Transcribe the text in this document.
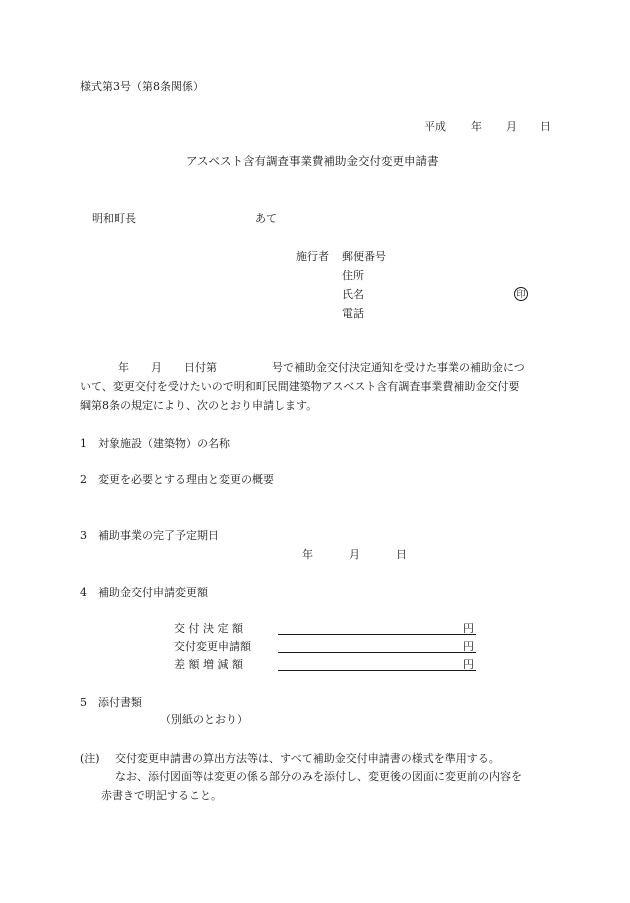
様式第3号（第8条関係）
平成 年 月 日
アスベスト含有調査事業費補助金交付変更申請書
明和町長	あて
施行者 郵便番号
住所
氏名	印
電話
年　　月　　日付第　　　　　号で補助金交付決定通知を受けた事業の補助金につ
いて、変更交付を受けたいので明和町民間建築物アスベスト含有調査事業費補助金交付要
綱第8条の規定により、次のとおり申請します。
1 対象施設（建築物）の名称
2 変更を必要とする理由と変更の概要
3 補助事業の完了予定期日
年	月	日
4 補助金交付申請変更額
交 付 決 定 額	円
交付変更申請額	円
差 額 増 減 額	円
5 添付書類
（別紙のとおり）
(注) 交付変更申請書の算出方法等は、すべて補助金交付申請書の様式を準用する。
なお、添付図面等は変更の係る部分のみを添付し、変更後の図面に変更前の内容を
赤書きで明記すること。
